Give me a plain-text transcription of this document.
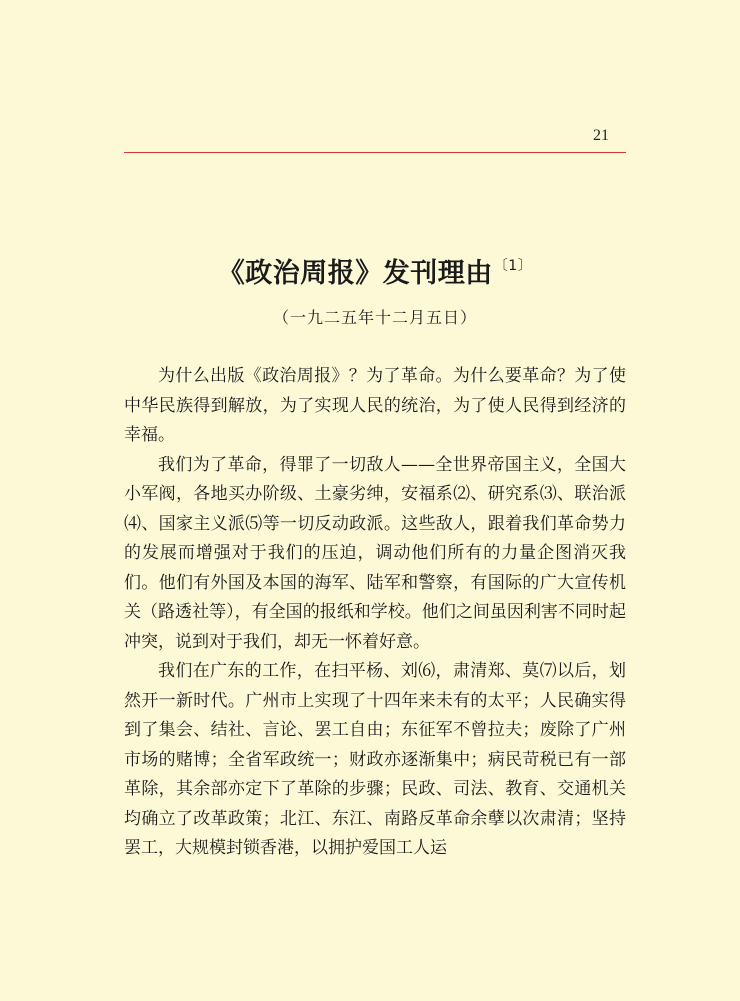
21
《政治周报》发刊理由$^{〔1〕}$
（一九二五年十二月五日）

为什么出版《政治周报》？为了革命。为什么要革命？为了使中华民族得到解放，为了实现人民的统治，为了使人民得到经济的幸福。

我们为了革命，得罪了一切敌人——全世界帝国主义，全国大小军阀，各地买办阶级、土豪劣绅，安福系⑵、研究系⑶、联治派⑷、国家主义派⑸等一切反动政派。这些敌人，跟着我们革命势力的发展而增强对于我们的压迫，调动他们所有的力量企图消灭我们。他们有外国及本国的海军、陆军和警察，有国际的广大宣传机关（路透社等），有全国的报纸和学校。他们之间虽因利害不同时起冲突，说到对于我们，却无一怀着好意。

我们在广东的工作，在扫平杨、刘⑹，肃清郑、莫⑺以后，划然开一新时代。广州市上实现了十四年来未有的太平；人民确实得到了集会、结社、言论、罢工自由；东征军不曾拉夫；废除了广州市场的赌博；全省军政统一；财政亦逐渐集中；病民苛税已有一部革除，其余部亦定下了革除的步骤；民政、司法、教育、交通机关均确立了改革政策；北江、东江、南路反革命余孽以次肃清；坚持罢工，大规模封锁香港，以拥护爱国工人运
